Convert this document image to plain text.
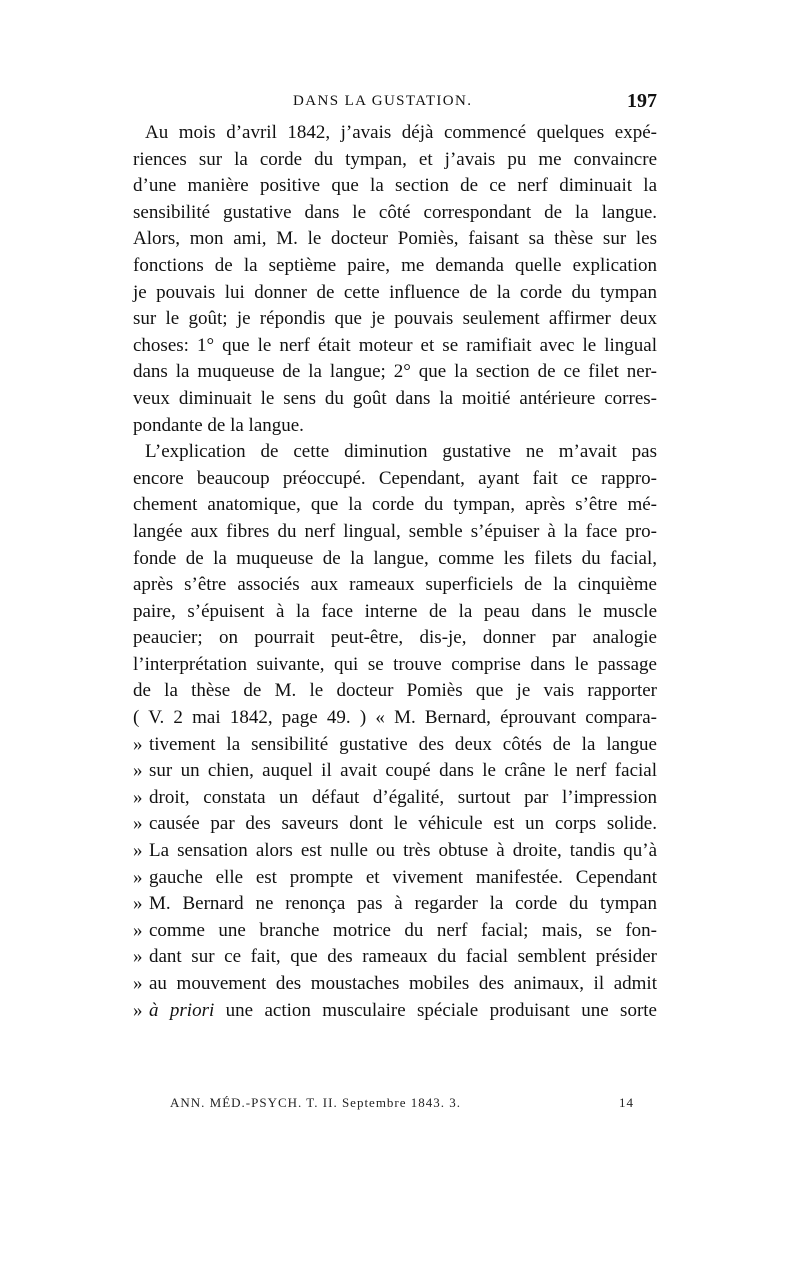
DANS LA GUSTATION.	197
Au mois d’avril 1842, j’avais déjà commencé quelques expé-
riences sur la corde du tympan, et j’avais pu me convaincre
d’une manière positive que la section de ce nerf diminuait la
sensibilité gustative dans le côté correspondant de la langue.
Alors, mon ami, M. le docteur Pomiès, faisant sa thèse sur les
fonctions de la septième paire, me demanda quelle explication
je pouvais lui donner de cette influence de la corde du tympan
sur le goût; je répondis que je pouvais seulement affirmer deux
choses: 1° que le nerf était moteur et se ramifiait avec le lingual
dans la muqueuse de la langue; 2° que la section de ce filet ner-
veux diminuait le sens du goût dans la moitié antérieure corres-
pondante de la langue.
L’explication de cette diminution gustative ne m’avait pas
encore beaucoup préoccupé. Cependant, ayant fait ce rappro-
chement anatomique, que la corde du tympan, après s’être mé-
langée aux fibres du nerf lingual, semble s’épuiser à la face pro-
fonde de la muqueuse de la langue, comme les filets du facial,
après s’être associés aux rameaux superficiels de la cinquième
paire, s’épuisent à la face interne de la peau dans le muscle
peaucier; on pourrait peut-être, dis-je, donner par analogie
l’interprétation suivante, qui se trouve comprise dans le passage
de la thèse de M. le docteur Pomiès que je vais rapporter
( V. 2 mai 1842, page 49. ) « M. Bernard, éprouvant compara-
» tivement la sensibilité gustative des deux côtés de la langue
» sur un chien, auquel il avait coupé dans le crâne le nerf facial
» droit, constata un défaut d’égalité, surtout par l’impression
» causée par des saveurs dont le véhicule est un corps solide.
» La sensation alors est nulle ou très obtuse à droite, tandis qu’à
» gauche elle est prompte et vivement manifestée. Cependant
» M. Bernard ne renonça pas à regarder la corde du tympan
» comme une branche motrice du nerf facial; mais, se fon-
» dant sur ce fait, que des rameaux du facial semblent présider
» au mouvement des moustaches mobiles des animaux, il admit
» à priori une action musculaire spéciale produisant une sorte
ANN. MÉD.-PSYCH. T. II. Septembre 1843. 3.	14
